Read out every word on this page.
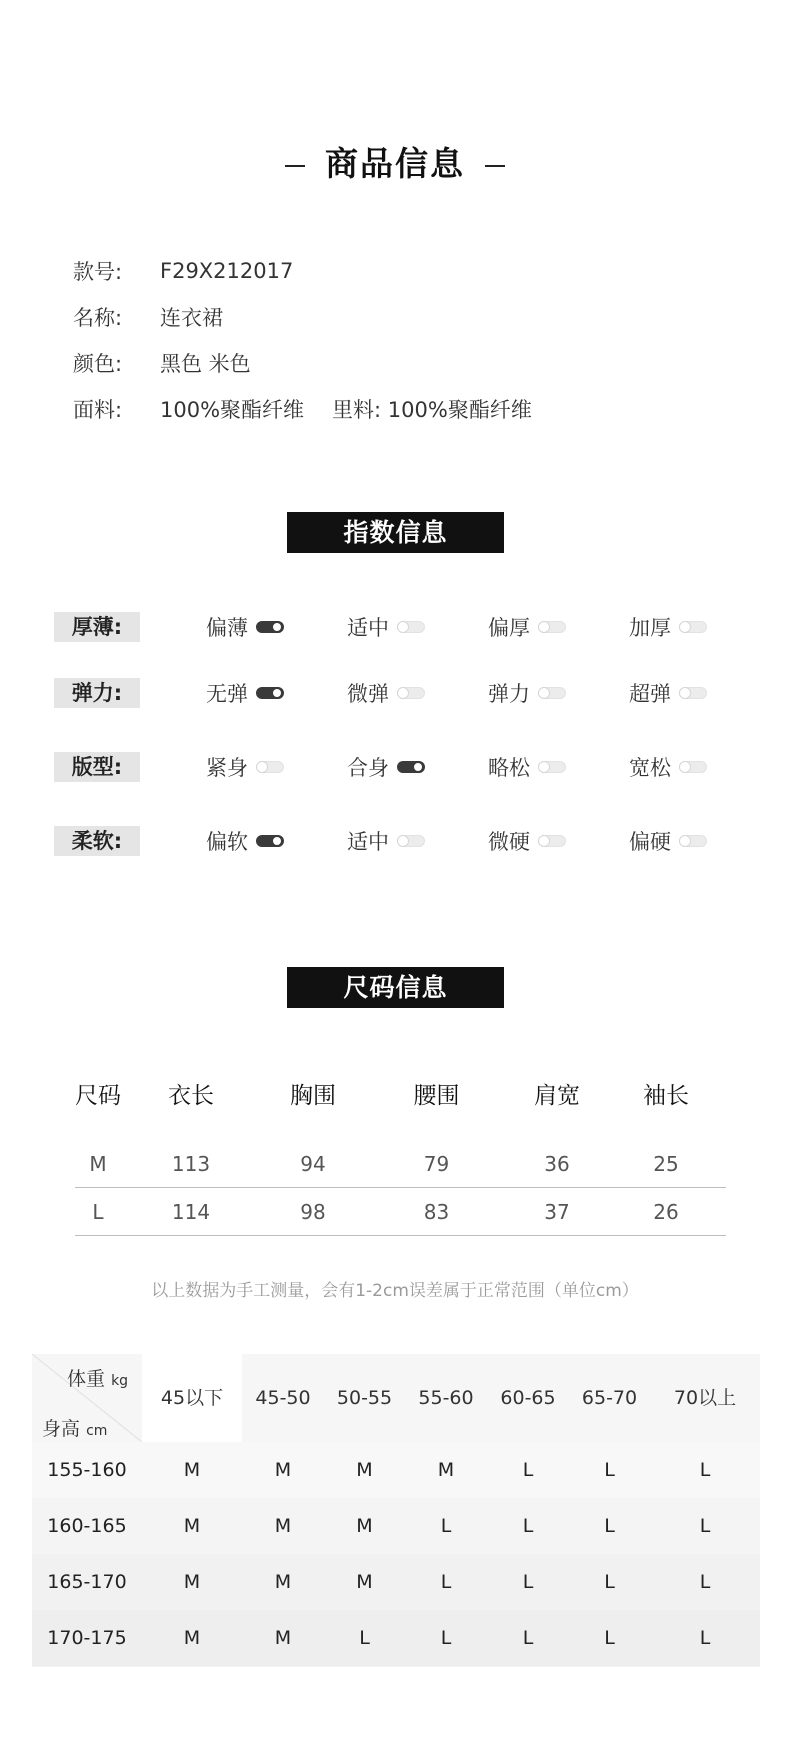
商品信息
款号:	F29X212017
名称:	连衣裙
颜色:	黑色 米色
面料:	100%聚酯纤维 里料: 100%聚酯纤维
指数信息
厚薄:	偏薄	适中	偏厚	加厚
弹力:	无弹	微弹	弹力	超弹
版型:	紧身	合身	略松	宽松
柔软:	偏软	适中	微硬	偏硬
尺码信息
尺码	衣长	胸围	腰围	肩宽	袖长
M	113	94	79	36	25
L	114	98	83	37	26
以上数据为手工测量，会有1-2cm误差属于正常范围（单位cm）
体重 kg
身高 cm
45以下	45-50	50-55	55-60	60-65	65-70	70以上
155-160	M	M	M	M	L	L	L
160-165	M	M	M	L	L	L	L
165-170	M	M	M	L	L	L	L
170-175	M	M	L	L	L	L	L
